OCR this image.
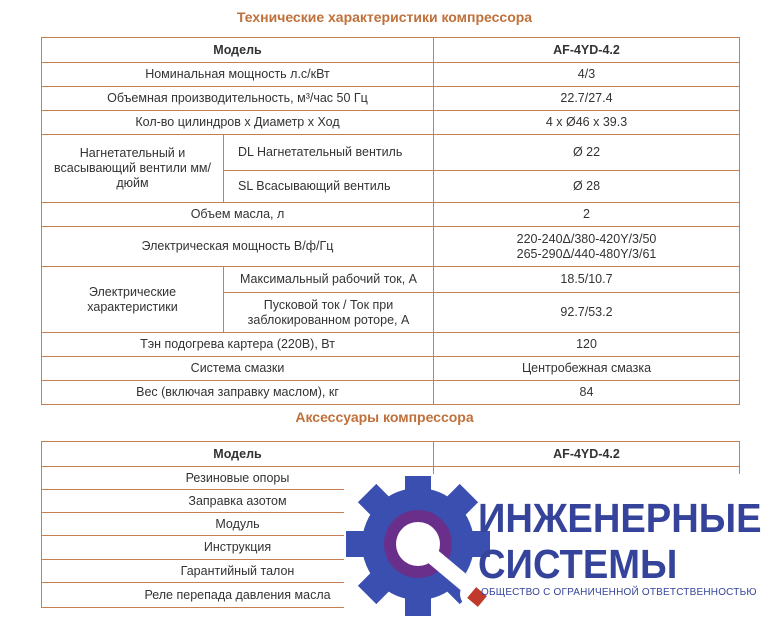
Технические характеристики компрессора
Модель		AF-4YD-4.2
Номинальная мощность л.с/кВт		4/3
Объемная производительность, м³/час 50 Гц		22.7/27.4
Кол-во цилиндров x Диаметр x Ход		4 x Ø46 x 39.3
Нагнетательный и всасывающий вентили мм/дюйм	DL Нагнетательный вентиль	Ø 22
	SL Всасывающий вентиль	Ø 28
Объем масла, л		2
Электрическая мощность В/ф/Гц		220-240Δ/380-420Y/3/50
265-290Δ/440-480Y/3/61

Электрические характеристики	Максимальный рабочий ток, А	18.5/10.7
	Пусковой ток / Ток при заблокированном роторе, А	92.7/53.2
Тэн подогрева картера (220В), Вт		120
Система смазки		Центробежная смазка
Вес (включая заправку маслом), кг		84
Аксессуары компрессора
Модель	AF-4YD-4.2
Резиновые опоры	
Заправка азотом	
Модуль	
Инструкция	
Гарантийный талон	
Реле перепада давления масла	
ИНЖЕНЕРНЫЕ
СИСТЕМЫ
ОБЩЕСТВО С ОГРАНИЧЕННОЙ ОТВЕТСТВЕННОСТЬЮ
